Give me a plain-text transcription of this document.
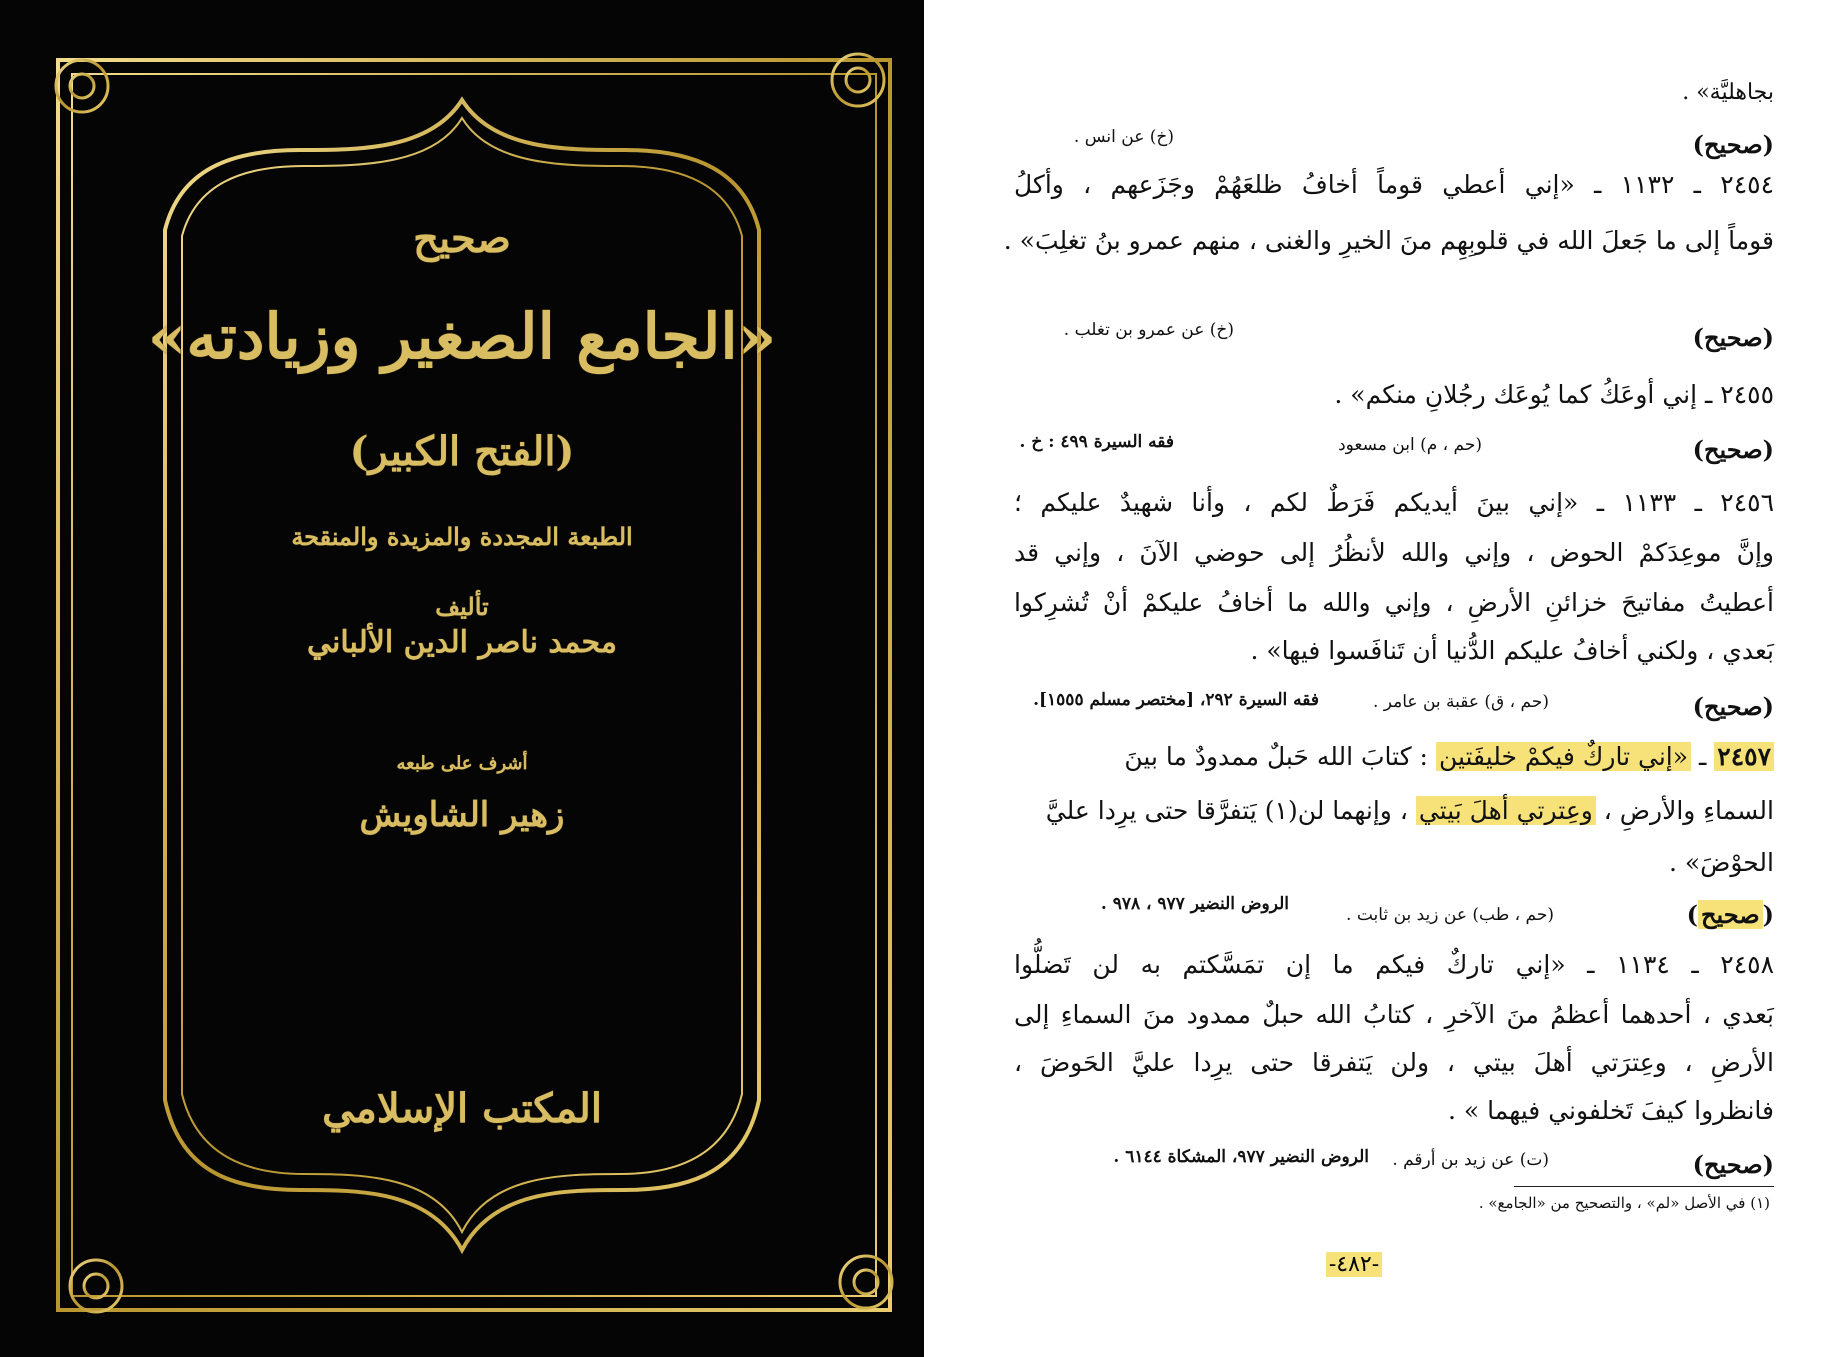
صحيح
«الجامع الصغير وزيادته»
(الفتح الكبير)
الطبعة المجددة والمزيدة والمنقحة
تأليف
محمد ناصر الدين الألباني
أشرف على طبعه
زهير الشاويش
المكتب الإسلامي
بجاهليَّة» .
(صحيح)
(خ) عن انس .
٢٤٥٤ ـ ١١٣٢ ـ «إني أعطي قوماً أخافُ ظلعَهُمْ وجَزَعهم ، وأكلُ
قوماً إلى ما جَعلَ الله في قلوبِهِم منَ الخيرِ والغنى ، منهم عمرو بنُ تغلِبَ» .
(صحيح)
(خ) عن عمرو بن تغلب .
٢٤٥٥ ـ إني أوعَكُ كما يُوعَك رجُلانِ منكم» .
(صحيح)
(حم ، م) ابن مسعود
فقه السيرة ٤٩٩ : خ .
٢٤٥٦ ـ ١١٣٣ ـ «إني بينَ أيديكم فَرَطٌ لكم ، وأنا شهيدٌ عليكم ؛
وإنَّ موعِدَكمْ الحوض ، وإني والله لأنظُرُ إلى حوضي الآنَ ، وإني قد
أعطيتُ مفاتيحَ خزائنِ الأرضِ ، وإني والله ما أخافُ عليكمْ أنْ تُشرِكوا
بَعدي ، ولكني أخافُ عليكم الدُّنيا أن تَنافَسوا فيها» .
(صحيح)
(حم ، ق) عقبة بن عامر .
فقه السيرة ٢٩٢، [مختصر مسلم ١٥٥٥].
٢٤٥٧ ـ «إني تاركٌ فيكمْ خليفَتين : كتابَ الله حَبلٌ ممدودٌ ما بينَ
السماءِ والأرضِ ، وعِترتي أهلَ بَيتي ، وإنهما لن(١) يَتفرَّقا حتى يرِدا عليَّ
الحوْضَ» .
( صحيح )
(حم ، طب) عن زيد بن ثابت .
الروض النضير ٩٧٧ ، ٩٧٨ .
٢٤٥٨ ـ ١١٣٤ ـ «إني تاركٌ فيكم ما إن تمَسَّكتم به لن تَضلُّوا
بَعدي ، أحدهما أعظمُ منَ الآخرِ ، كتابُ الله حبلٌ ممدود منَ السماءِ إلى
الأرضِ ، وعِترَتي أهلَ بيتي ، ولن يَتفرقا حتى يرِدا عليَّ الحَوضَ ،
فانظروا كيفَ تَخلفوني فيهما » .
(صحيح)
(ت) عن زيد بن أرقم .
الروض النضير ٩٧٧، المشكاة ٦١٤٤ .
(١) في الأصل «لم» ، والتصحيح من «الجامع» .
-٤٨٢-
